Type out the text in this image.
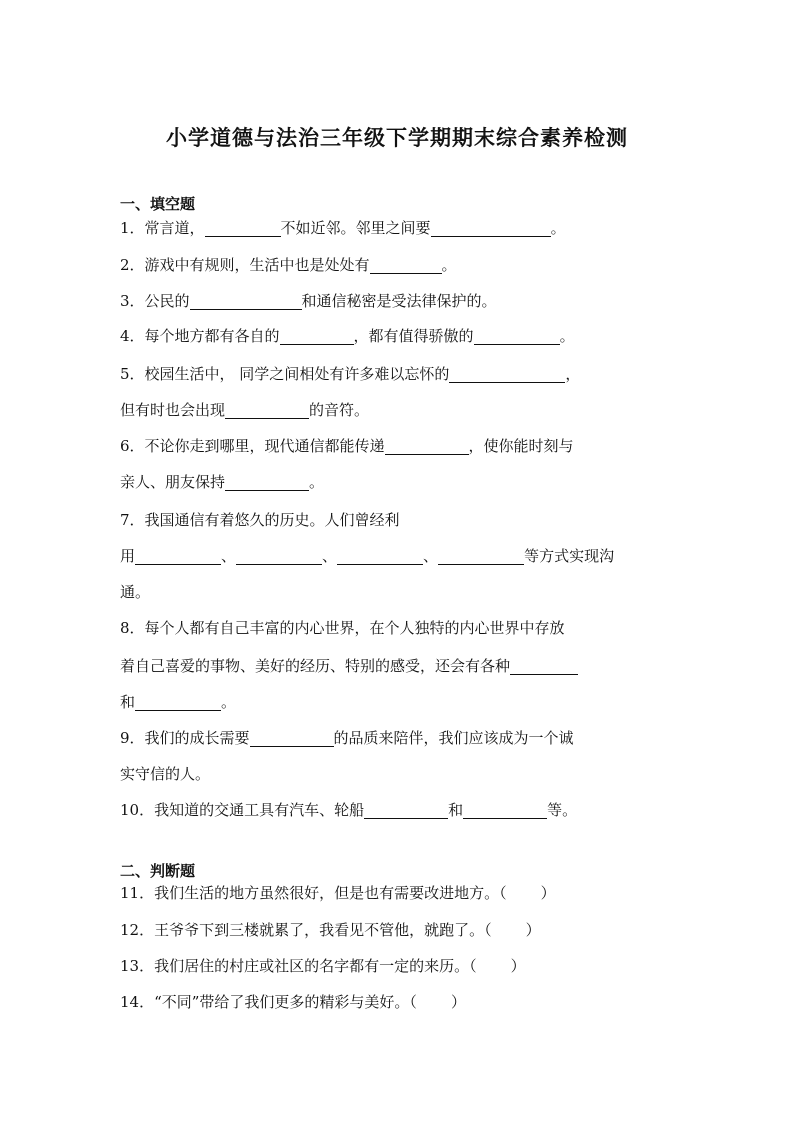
小学道德与法治三年级下学期期末综合素养检测
一、填空题
1．常言道，	不如近邻。邻里之间要	。
2．游戏中有规则，生活中也是处处有	。
3．公民的	和通信秘密是受法律保护的。
4．每个地方都有各自的	，都有值得骄傲的	。
5．校园生活中， 同学之间相处有许多难以忘怀的	，
但有时也会出现	的音符。
6．不论你走到哪里，现代通信都能传递	，使你能时刻与
亲人、朋友保持	。
7．我国通信有着悠久的历史。人们曾经利
用	、	、	、	等方式实现沟
通。
8．每个人都有自己丰富的内心世界，在个人独特的内心世界中存放
着自己喜爱的事物、美好的经历、特别的感受，还会有各种
和	。
9．我们的成长需要	的品质来陪伴，我们应该成为一个诚
实守信的人。
10．我知道的交通工具有汽车、轮船	和	等。
二、判断题
11．我们生活的地方虽然很好，但是也有需要改进地方。（ ）
12．王爷爷下到三楼就累了，我看见不管他，就跑了。（ ）
13．我们居住的村庄或社区的名字都有一定的来历。（ ）
14．“不同”带给了我们更多的精彩与美好。（ ）
